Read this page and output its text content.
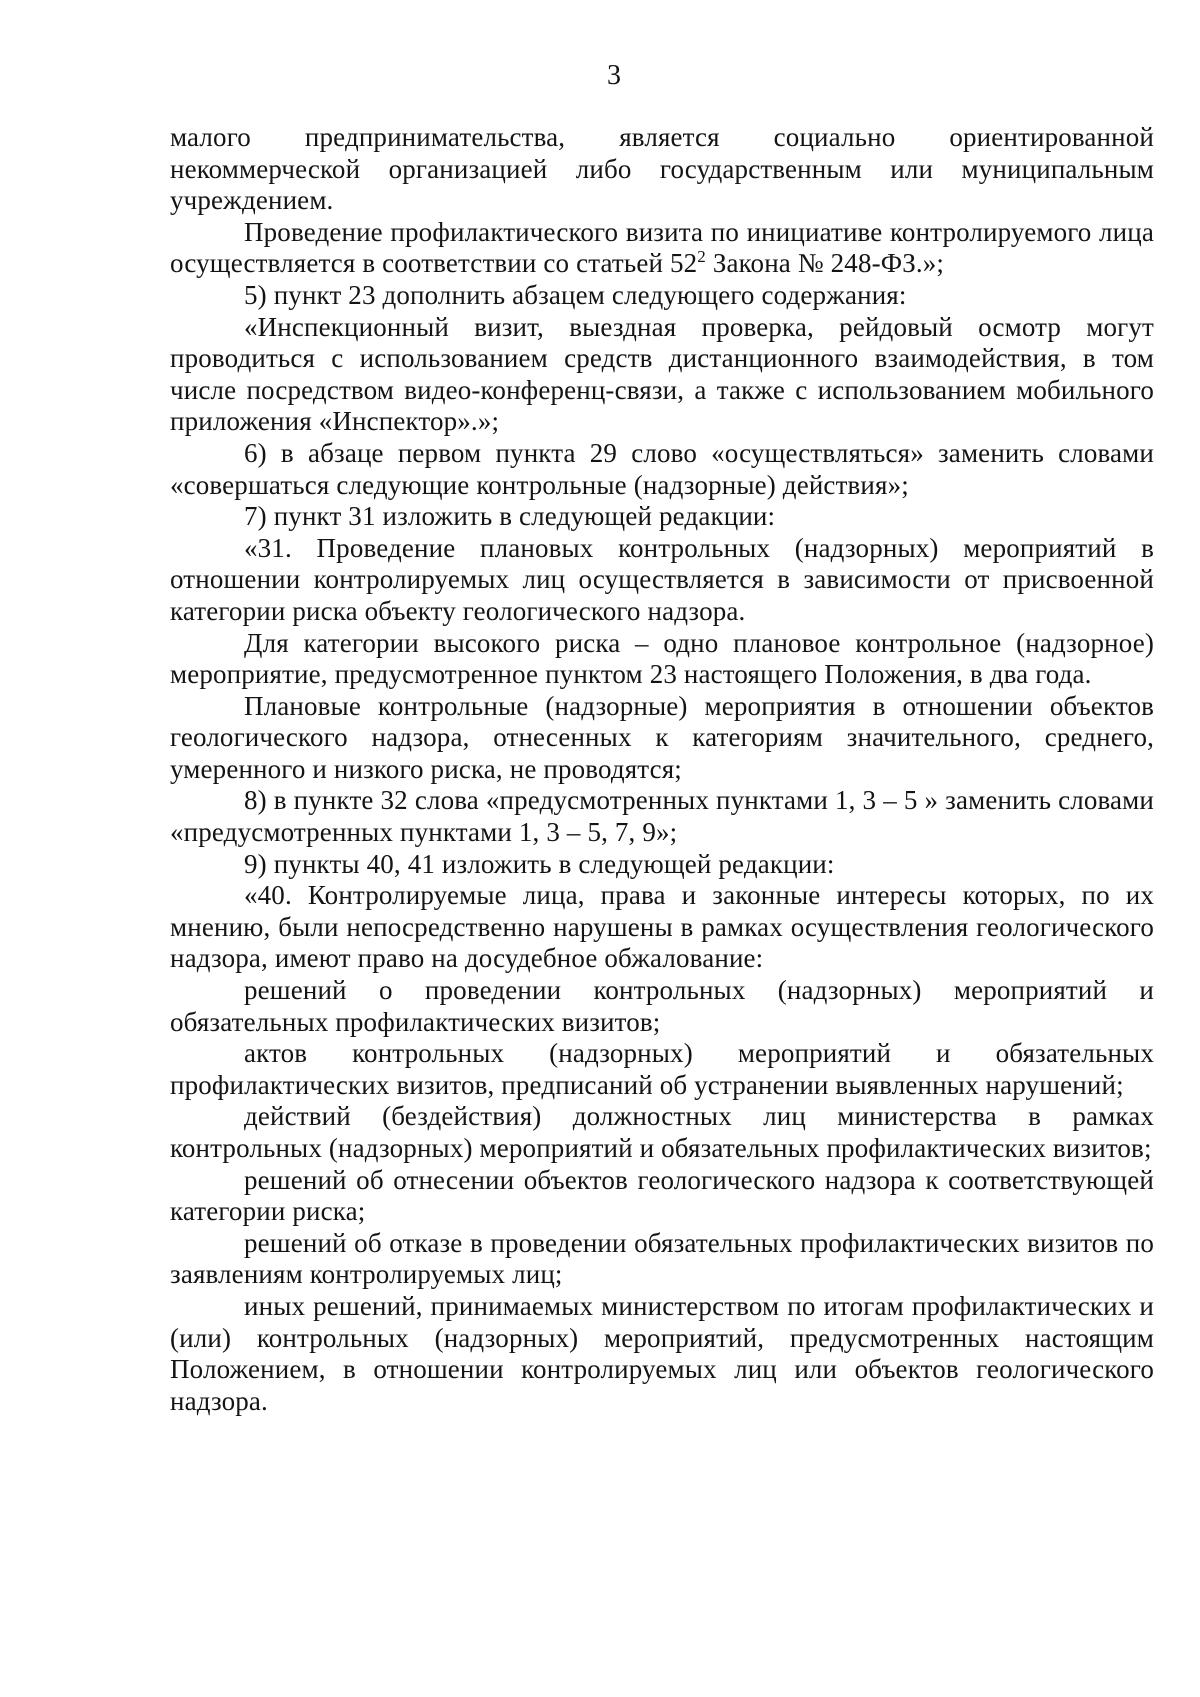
3

малого предпринимательства, является социально ориентированной некоммерческой организацией либо государственным или муниципальным учреждением.

Проведение профилактического визита по инициативе контролируемого лица осуществляется в соответствии со статьей $52^2$ Закона № 248-ФЗ.»;

5) пункт 23 дополнить абзацем следующего содержания:

«Инспекционный визит, выездная проверка, рейдовый осмотр могут проводиться с использованием средств дистанционного взаимодействия, в том числе посредством видео-конференц-связи, а также с использованием мобильного приложения «Инспектор».»;

6) в абзаце первом пункта 29 слово «осуществляться» заменить словами «совершаться следующие контрольные (надзорные) действия»;

7) пункт 31 изложить в следующей редакции:

«31. Проведение плановых контрольных (надзорных) мероприятий в отношении контролируемых лиц осуществляется в зависимости от присвоенной категории риска объекту геологического надзора.

Для категории высокого риска – одно плановое контрольное (надзорное) мероприятие, предусмотренное пунктом 23 настоящего Положения, в два года.

Плановые контрольные (надзорные) мероприятия в отношении объектов геологического надзора, отнесенных к категориям значительного, среднего, умеренного и низкого риска, не проводятся;

8) в пункте 32 слова «предусмотренных пунктами 1, 3 – 5 » заменить словами «предусмотренных пунктами 1, 3 – 5, 7, 9»;

9) пункты 40, 41 изложить в следующей редакции:

«40. Контролируемые лица, права и законные интересы которых, по их мнению, были непосредственно нарушены в рамках осуществления геологического надзора, имеют право на досудебное обжалование:

решений о проведении контрольных (надзорных) мероприятий и обязательных профилактических визитов;

актов контрольных (надзорных) мероприятий и обязательных профилактических визитов, предписаний об устранении выявленных нарушений;

действий (бездействия) должностных лиц министерства в рамках контрольных (надзорных) мероприятий и обязательных профилактических визитов;

решений об отнесении объектов геологического надзора к соответствующей категории риска;

решений об отказе в проведении обязательных профилактических визитов по заявлениям контролируемых лиц;

иных решений, принимаемых министерством по итогам профилактических и (или) контрольных (надзорных) мероприятий, предусмотренных настоящим Положением, в отношении контролируемых лиц или объектов геологического надзора.
